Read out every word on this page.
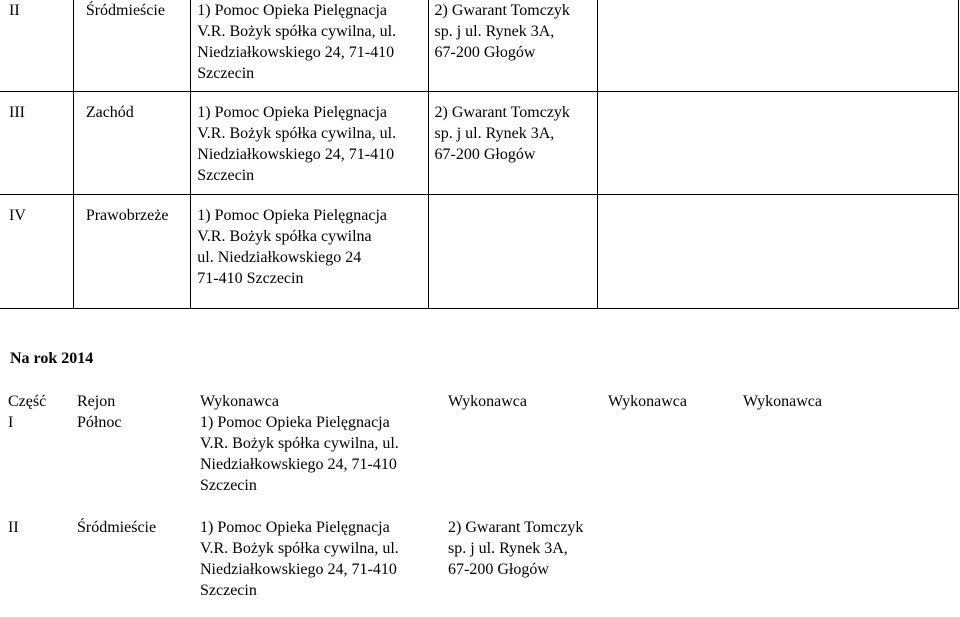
II	Śródmieście	1) Pomoc Opieka Pielęgnacja
V.R. Bożyk spółka cywilna, ul.
Niedziałkowskiego 24, 71-410
Szczecin	2) Gwarant Tomczyk
sp. j ul. Rynek 3A,
67-200 Głogów	

III	Zachód	1) Pomoc Opieka Pielęgnacja
V.R. Bożyk spółka cywilna, ul.
Niedziałkowskiego 24, 71-410
Szczecin	2) Gwarant Tomczyk
sp. j ul. Rynek 3A,
67-200 Głogów	

IV	Prawobrzeże	1) Pomoc Opieka Pielęgnacja
V.R. Bożyk spółka cywilna
ul. Niedziałkowskiego 24
71-410 Szczecin		

Na rok 2014
Część	Rejon	Wykonawca	Wykonawca	Wykonawca	Wykonawca
I	Północ	1) Pomoc Opieka Pielęgnacja
V.R. Bożyk spółka cywilna, ul.
Niedziałkowskiego 24, 71-410
Szczecin			

II	Śródmieście	1) Pomoc Opieka Pielęgnacja
V.R. Bożyk spółka cywilna, ul.
Niedziałkowskiego 24, 71-410
Szczecin	2) Gwarant Tomczyk
sp. j ul. Rynek 3A,
67-200 Głogów		
